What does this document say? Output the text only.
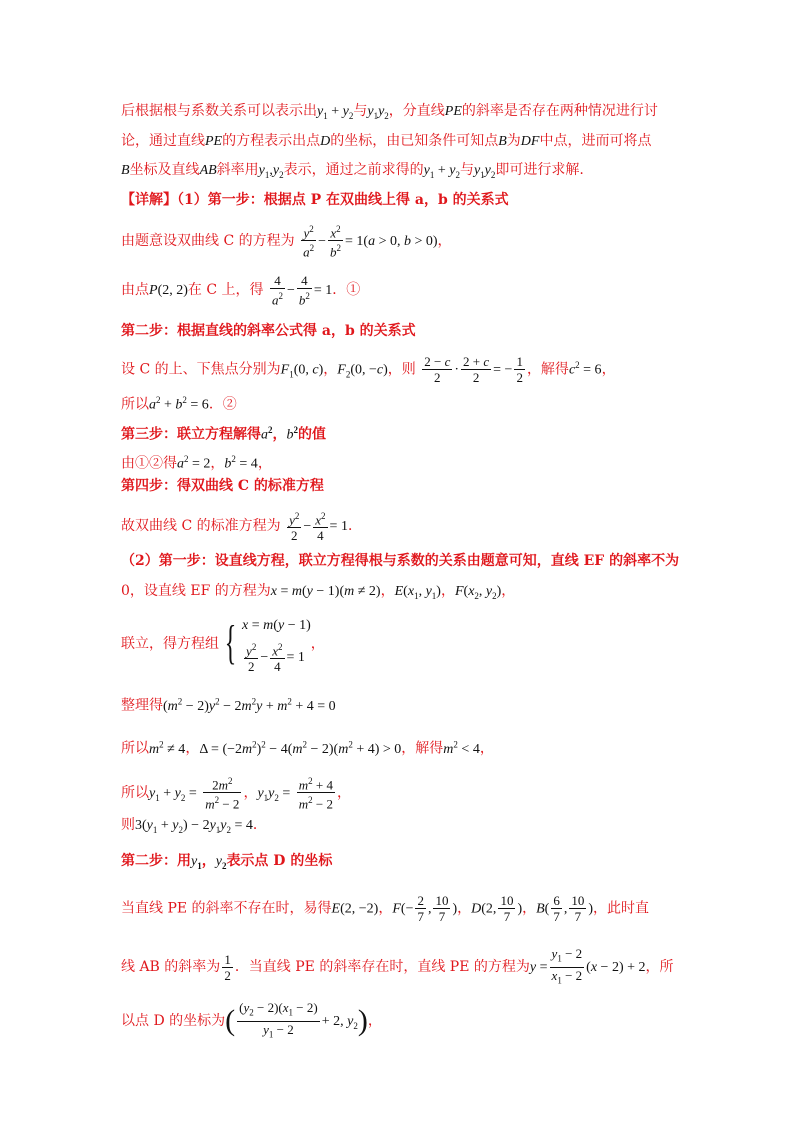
后根据根与系数关系可以表示出$y_1 + y_2$与$y_1y_2$，分直线PE的斜率是否存在两种情况进行讨
论，通过直线PE的方程表示出点D的坐标，由已知条件可知点B为DF中点，进而可将点
B坐标及直线AB斜率用$y_1,y_2$表示，通过之前求得的$y_1 + y_2$与$y_1y_2$即可进行求解.
【详解】（1）第一步：根据点 P 在双曲线上得 a，b 的关系式
由题意设双曲线 C 的方程为 $\frac{y^2}{a^2} - \frac{x^2}{b^2} = 1(a > 0$, b > 0)，
由点P(2, 2)在 C 上，得 $\frac{4}{a^2} - \frac{4}{b^2} = 1$．①
第二步：根据直线的斜率公式得 a，b 的关系式
设 C 的上、下焦点分别为$F_1(0$, c)，$F_2(0$, −c)，则 $\frac{2 - c}{2} \cdot \frac{2 + c}{2}$ = − $\frac{1}{2}$ ，解得$c^2 = 6$，
所以$a^2 + b^2 = 6$．②
第三步：联立方程解得$a^2$，$b^2$的值
由①②得$a^2 = 2$，$b^2 = 4$，
第四步：得双曲线 C 的标准方程
故双曲线 C 的标准方程为 $\frac{y^2}{2} - \frac{x^2}{4} = 1$．
（2）第一步：设直线方程，联立方程得根与系数的关系由题意可知，直线 EF 的斜率不为
0，设直线 EF 的方程为x = m(y − 1)(m ≠ 2)，$E(x_1$, $y_1$)，$F(x_2$, $y_2$)，
联立，得方程组 { x = m(y − 1)
$\frac{y^2}{2} - \frac{x^2}{4} = 1$
，
整理得$(m^2 - 2)y^2 - 2m^2y + m^2 + 4 = 0$
所以$m^2 \ne 4$，$\Delta = (-2m^2)^2 - 4(m^2 - 2)(m^2 + 4) > 0$，解得$m^2 < 4$，
所以$y_1 + y_2 = \frac{2m^2}{m^2 - 2}$ ，$y_1y_2 = \frac{m^2 + 4}{m^2 - 2}$ ，
则$3(y_1 + y_2) - 2y_1y_2 = 4$．
第二步：用$y_1$，$y_2$表示点 D 的坐标
当直线 PE 的斜率不存在时，易得E(2, −2)，$F(- \frac{2}{7}$ , $\frac{10}{7}$ )，D(2, $\frac{10}{7}$ )，$B( \frac{6}{7}$ , $\frac{10}{7}$ )，此时直
线 AB 的斜率为 $\frac{1}{2}$ ．当直线 PE 的斜率存在时，直线 PE 的方程为$y = \frac{y_1 - 2}{x_1 - 2} (x - 2) + 2$，所
以点 D 的坐标为( $\frac{(y_2 - 2)(x_1 - 2)}{y_1 - 2} + 2$, $y_2$)，
